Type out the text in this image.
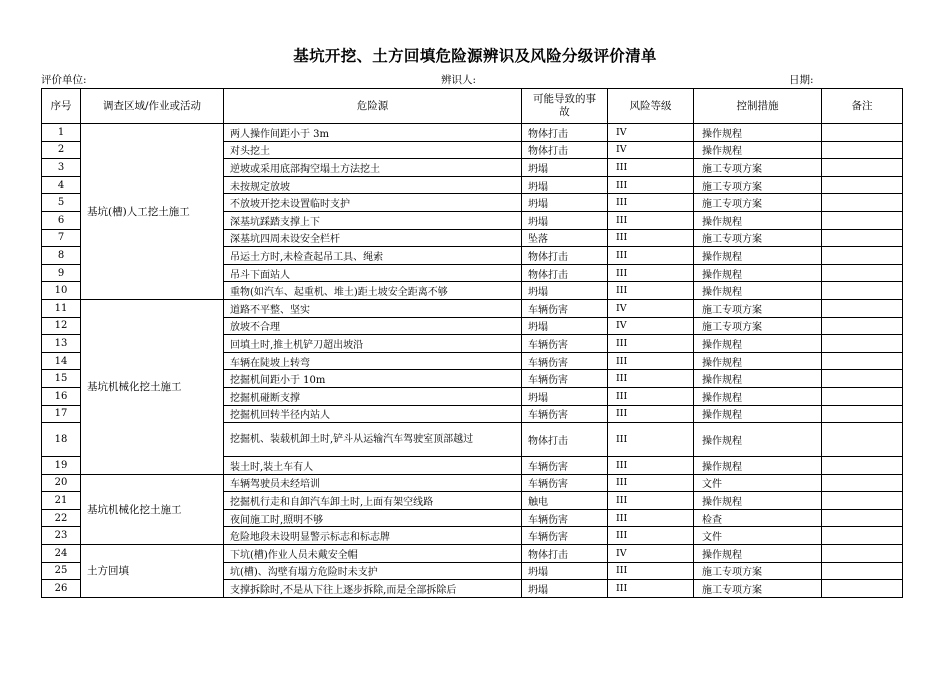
基坑开挖、土方回填危险源辨识及风险分级评价清单
评价单位:	辨识人:	日期:
序号	调查区域/作业或活动	危险源	可能导致的事故	风险等级	控制措施	备注
1	基坑(槽)人工挖土施工	两人操作间距小于 3m	物体打击	IV	操作规程	
2		对头挖土	物体打击	IV	操作规程	
3		逆坡或采用底部掏空塌土方法挖土	坍塌	III	施工专项方案	
4		未按规定放坡	坍塌	III	施工专项方案	
5		不放坡开挖未设置临时支护	坍塌	III	施工专项方案	
6		深基坑踩踏支撑上下	坍塌	III	操作规程	
7		深基坑四周未设安全栏杆	坠落	III	施工专项方案	
8		吊运土方时,未检查起吊工具、绳索	物体打击	III	操作规程	
9		吊斗下面站人	物体打击	III	操作规程	
10		重物(如汽车、起重机、堆土)距土坡安全距离不够	坍塌	III	操作规程	
11	基坑机械化挖土施工	道路不平整、坚实	车辆伤害	IV	施工专项方案	
12		放坡不合理	坍塌	IV	施工专项方案	
13		回填土时,推土机铲刀超出坡沿	车辆伤害	III	操作规程	
14		车辆在陡坡上转弯	车辆伤害	III	操作规程	
15		挖掘机间距小于 10m	车辆伤害	III	操作规程	
16		挖掘机碰断支撑	坍塌	III	操作规程	
17		挖掘机回转半径内站人	车辆伤害	III	操作规程	
18		挖掘机、装载机卸土时,铲斗从运输汽车驾驶室顶部越过	物体打击	III	操作规程	
19		装土时,装土车有人	车辆伤害	III	操作规程	
20	基坑机械化挖土施工	车辆驾驶员未经培训	车辆伤害	III	文件	
21		挖掘机行走和自卸汽车卸土时,上面有架空线路	触电	III	操作规程	
22		夜间施工时,照明不够	车辆伤害	III	检查	
23		危险地段未设明显警示标志和标志牌	车辆伤害	III	文件	
24	土方回填	下坑(槽)作业人员未戴安全帽	物体打击	IV	操作规程	
25		坑(槽)、沟壁有塌方危险时未支护	坍塌	III	施工专项方案	
26		支撑拆除时,不是从下往上逐步拆除,而是全部拆除后	坍塌	III	施工专项方案	
